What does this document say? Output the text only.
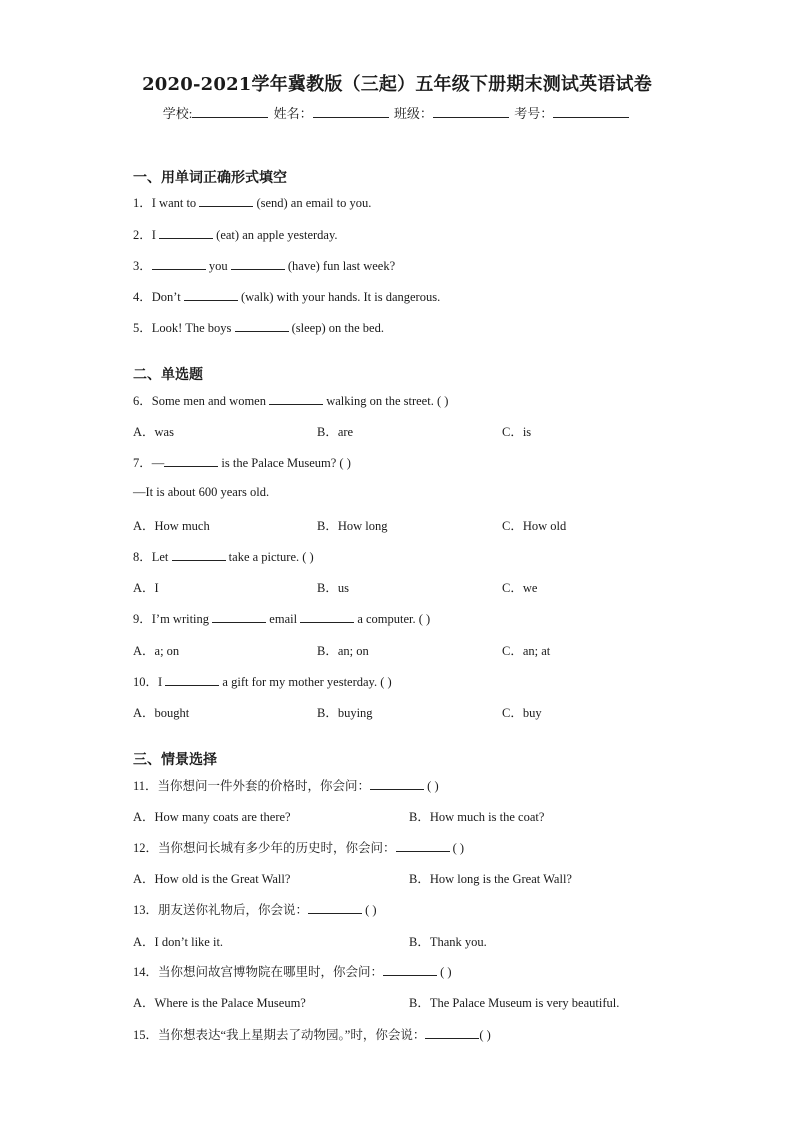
2020-2021学年冀教版（三起）五年级下册期末测试英语试卷
学校:	姓名：	班级：	考号：
一、用单词正确形式填空
1．I want to	(send) an email to you.
2．I	(eat) an apple yesterday.
3．	you	(have) fun last week?
4．Don’t	(walk) with your hands. It is dangerous.
5．Look! The boys	(sleep) on the bed.
二、单选题
6．Some men and women	walking on the street. ( )
A．was	B．are	C．is
7．—	is the Palace Museum? ( )
—It is about 600 years old.
A．How much	B．How long	C．How old
8．Let	take a picture. ( )
A．I	B．us	C．we
9．I’m writing	email	a computer. ( )
A．a; on	B．an; on	C．an; at
10．I	a gift for my mother yesterday. ( )
A．bought	B．buying	C．buy
三、情景选择
11．当你想问一件外套的价格时，你会问：	( )
A．How many coats are there?	B．How much is the coat?
12．当你想问长城有多少年的历史时，你会问：	( )
A．How old is the Great Wall?	B．How long is the Great Wall?
13．朋友送你礼物后，你会说：	( )
A．I don’t like it.	B．Thank you.
14．当你想问故宫博物院在哪里时，你会问：	( )
A．Where is the Palace Museum?	B．The Palace Museum is very beautiful.
15．当你想表达“我上星期去了动物园。”时，你会说：	( )
